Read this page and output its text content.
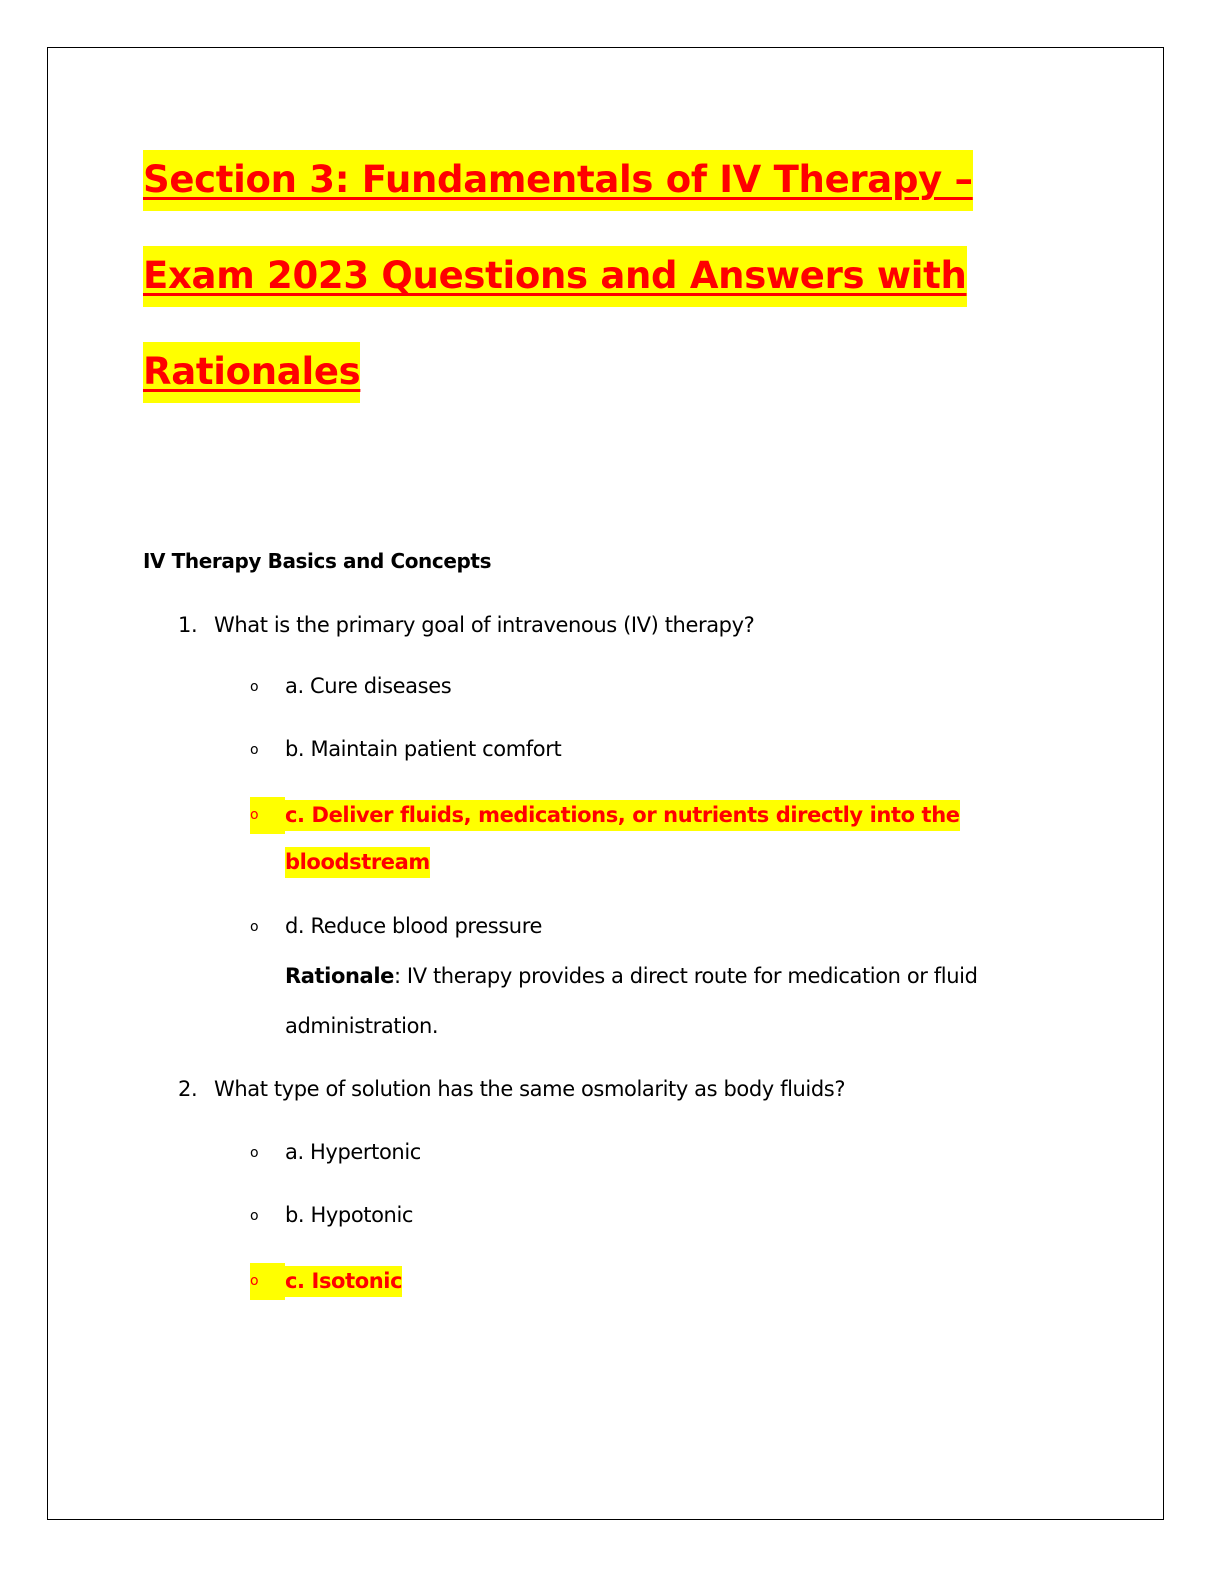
Section 3: Fundamentals of IV Therapy –
Exam 2023 Questions and Answers with
Rationales
IV Therapy Basics and Concepts
1. What is the primary goal of intravenous (IV) therapy?
o a. Cure diseases
o b. Maintain patient comfort
o c. Deliver fluids, medications, or nutrients directly into the
bloodstream
o d. Reduce blood pressure
Rationale: IV therapy provides a direct route for medication or fluid
administration.
2. What type of solution has the same osmolarity as body fluids?
o a. Hypertonic
o b. Hypotonic
o c. Isotonic
